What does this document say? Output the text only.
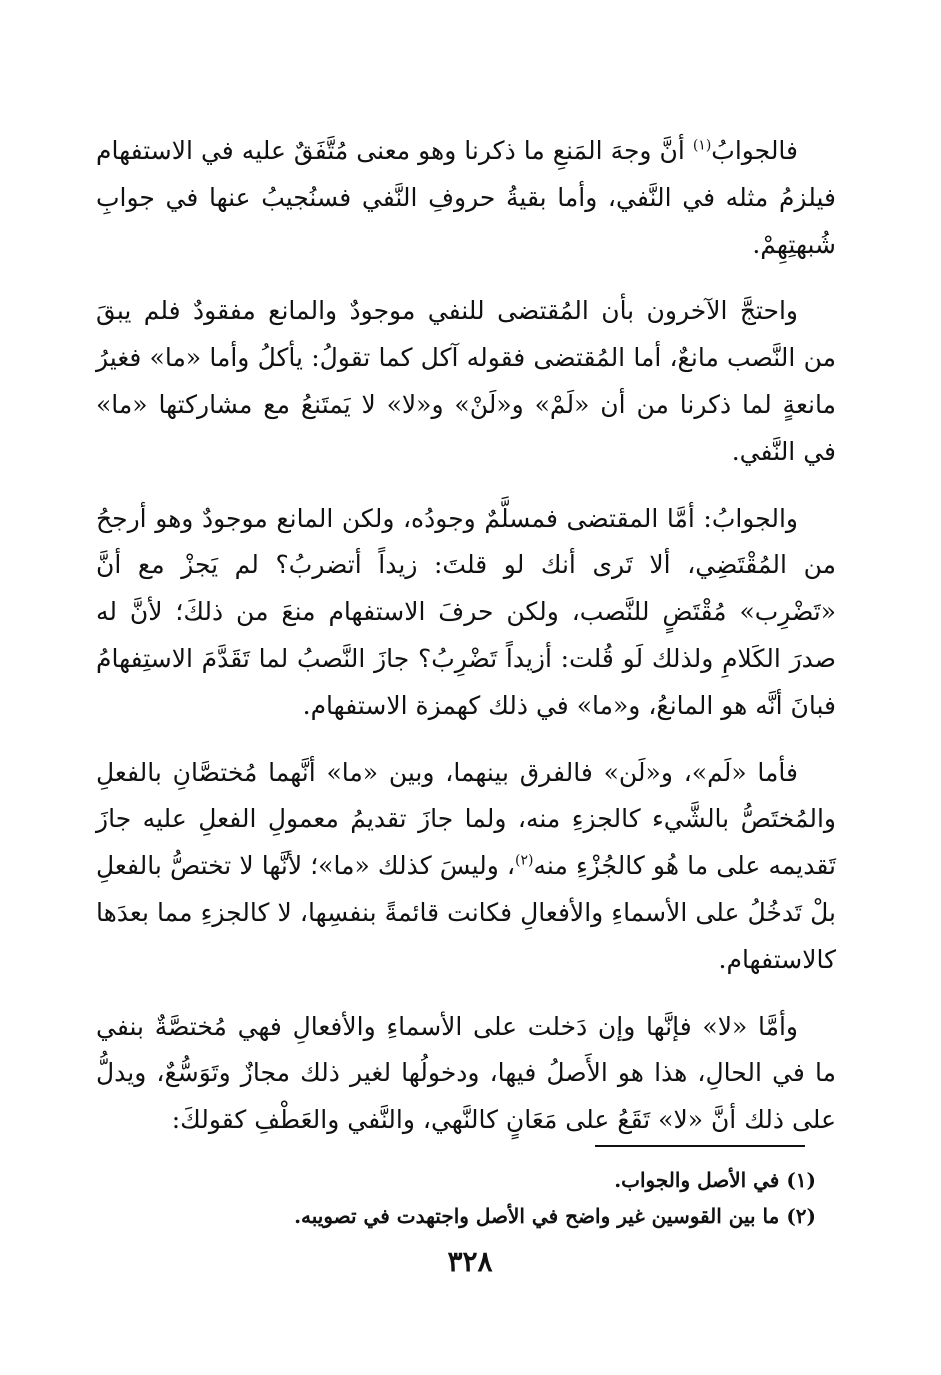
فالجوابُ$^{(١)}$ أنَّ وجهَ المَنعِ ما ذكرنا وهو معنى مُتَّفَقٌ عليه في الاستفهام فيلزمُ مثله في النَّفي، وأما بقيةُ حروفِ النَّفي فسنُجيبُ عنها في جوابِ شُبهتِهِمْ.

واحتجَّ الآخرون بأن المُقتضى للنفي موجودٌ والمانع مفقودٌ فلم يبقَ من النَّصب مانعٌ، أما المُقتضى فقوله آكل كما تقولُ: يأكلُ وأما «ما» فغيرُ مانعةٍ لما ذكرنا من أن «لَمْ» و«لَنْ» و«لا» لا يَمتَنعُ مع مشاركتها «ما» في النَّفي.

والجوابُ: أمَّا المقتضى فمسلَّمٌ وجودُه، ولكن المانع موجودٌ وهو أرجحُ من المُقْتَضِي، ألا تَرى أنك لو قلتَ: زيداً أتضربُ؟ لم يَجزْ مع أنَّ «تَضْرِب» مُقْتَضٍ للنَّصب، ولكن حرفَ الاستفهام منعَ من ذلكَ؛ لأنَّ له صدرَ الكَلامِ ولذلك لَو قُلت: أزيداً تَضْرِبُ؟ جازَ النَّصبُ لما تَقَدَّمَ الاستِفهامُ فبانَ أنَّه هو المانعُ، و«ما» في ذلك كهمزة الاستفهام.

فأما «لَم»، و«لَن» فالفرق بينهما، وبين «ما» أنَّهما مُختصَّانِ بالفعلِ والمُختَصُّ بالشَّيء كالجزءِ منه، ولما جازَ تقديمُ معمولِ الفعلِ عليه جازَ تَقديمه على ما هُو كالجُزْءِ منه$^{(٢)}$، وليسَ كذلك «ما»؛ لأنَّها لا تختصُّ بالفعلِ بلْ تَدخُلُ على الأسماءِ والأفعالِ فكانت قائمةً بنفسِها، لا كالجزءِ مما بعدَها كالاستفهام.

وأمَّا «لا» فإنَّها وإن دَخلت على الأسماءِ والأفعالِ فهي مُختصَّةٌ بنفي ما في الحالِ، هذا هو الأَصلُ فيها، ودخولُها لغير ذلك مجازٌ وتَوَسُّعٌ، ويدلُّ على ذلك أنَّ «لا» تَقَعُ على مَعَانٍ كالنَّهي، والنَّفي والعَطْفِ كقولكَ:

(١) في الأصل والجواب.

(٢) ما بين القوسين غير واضح في الأصل واجتهدت في تصويبه.

٣٢٨
